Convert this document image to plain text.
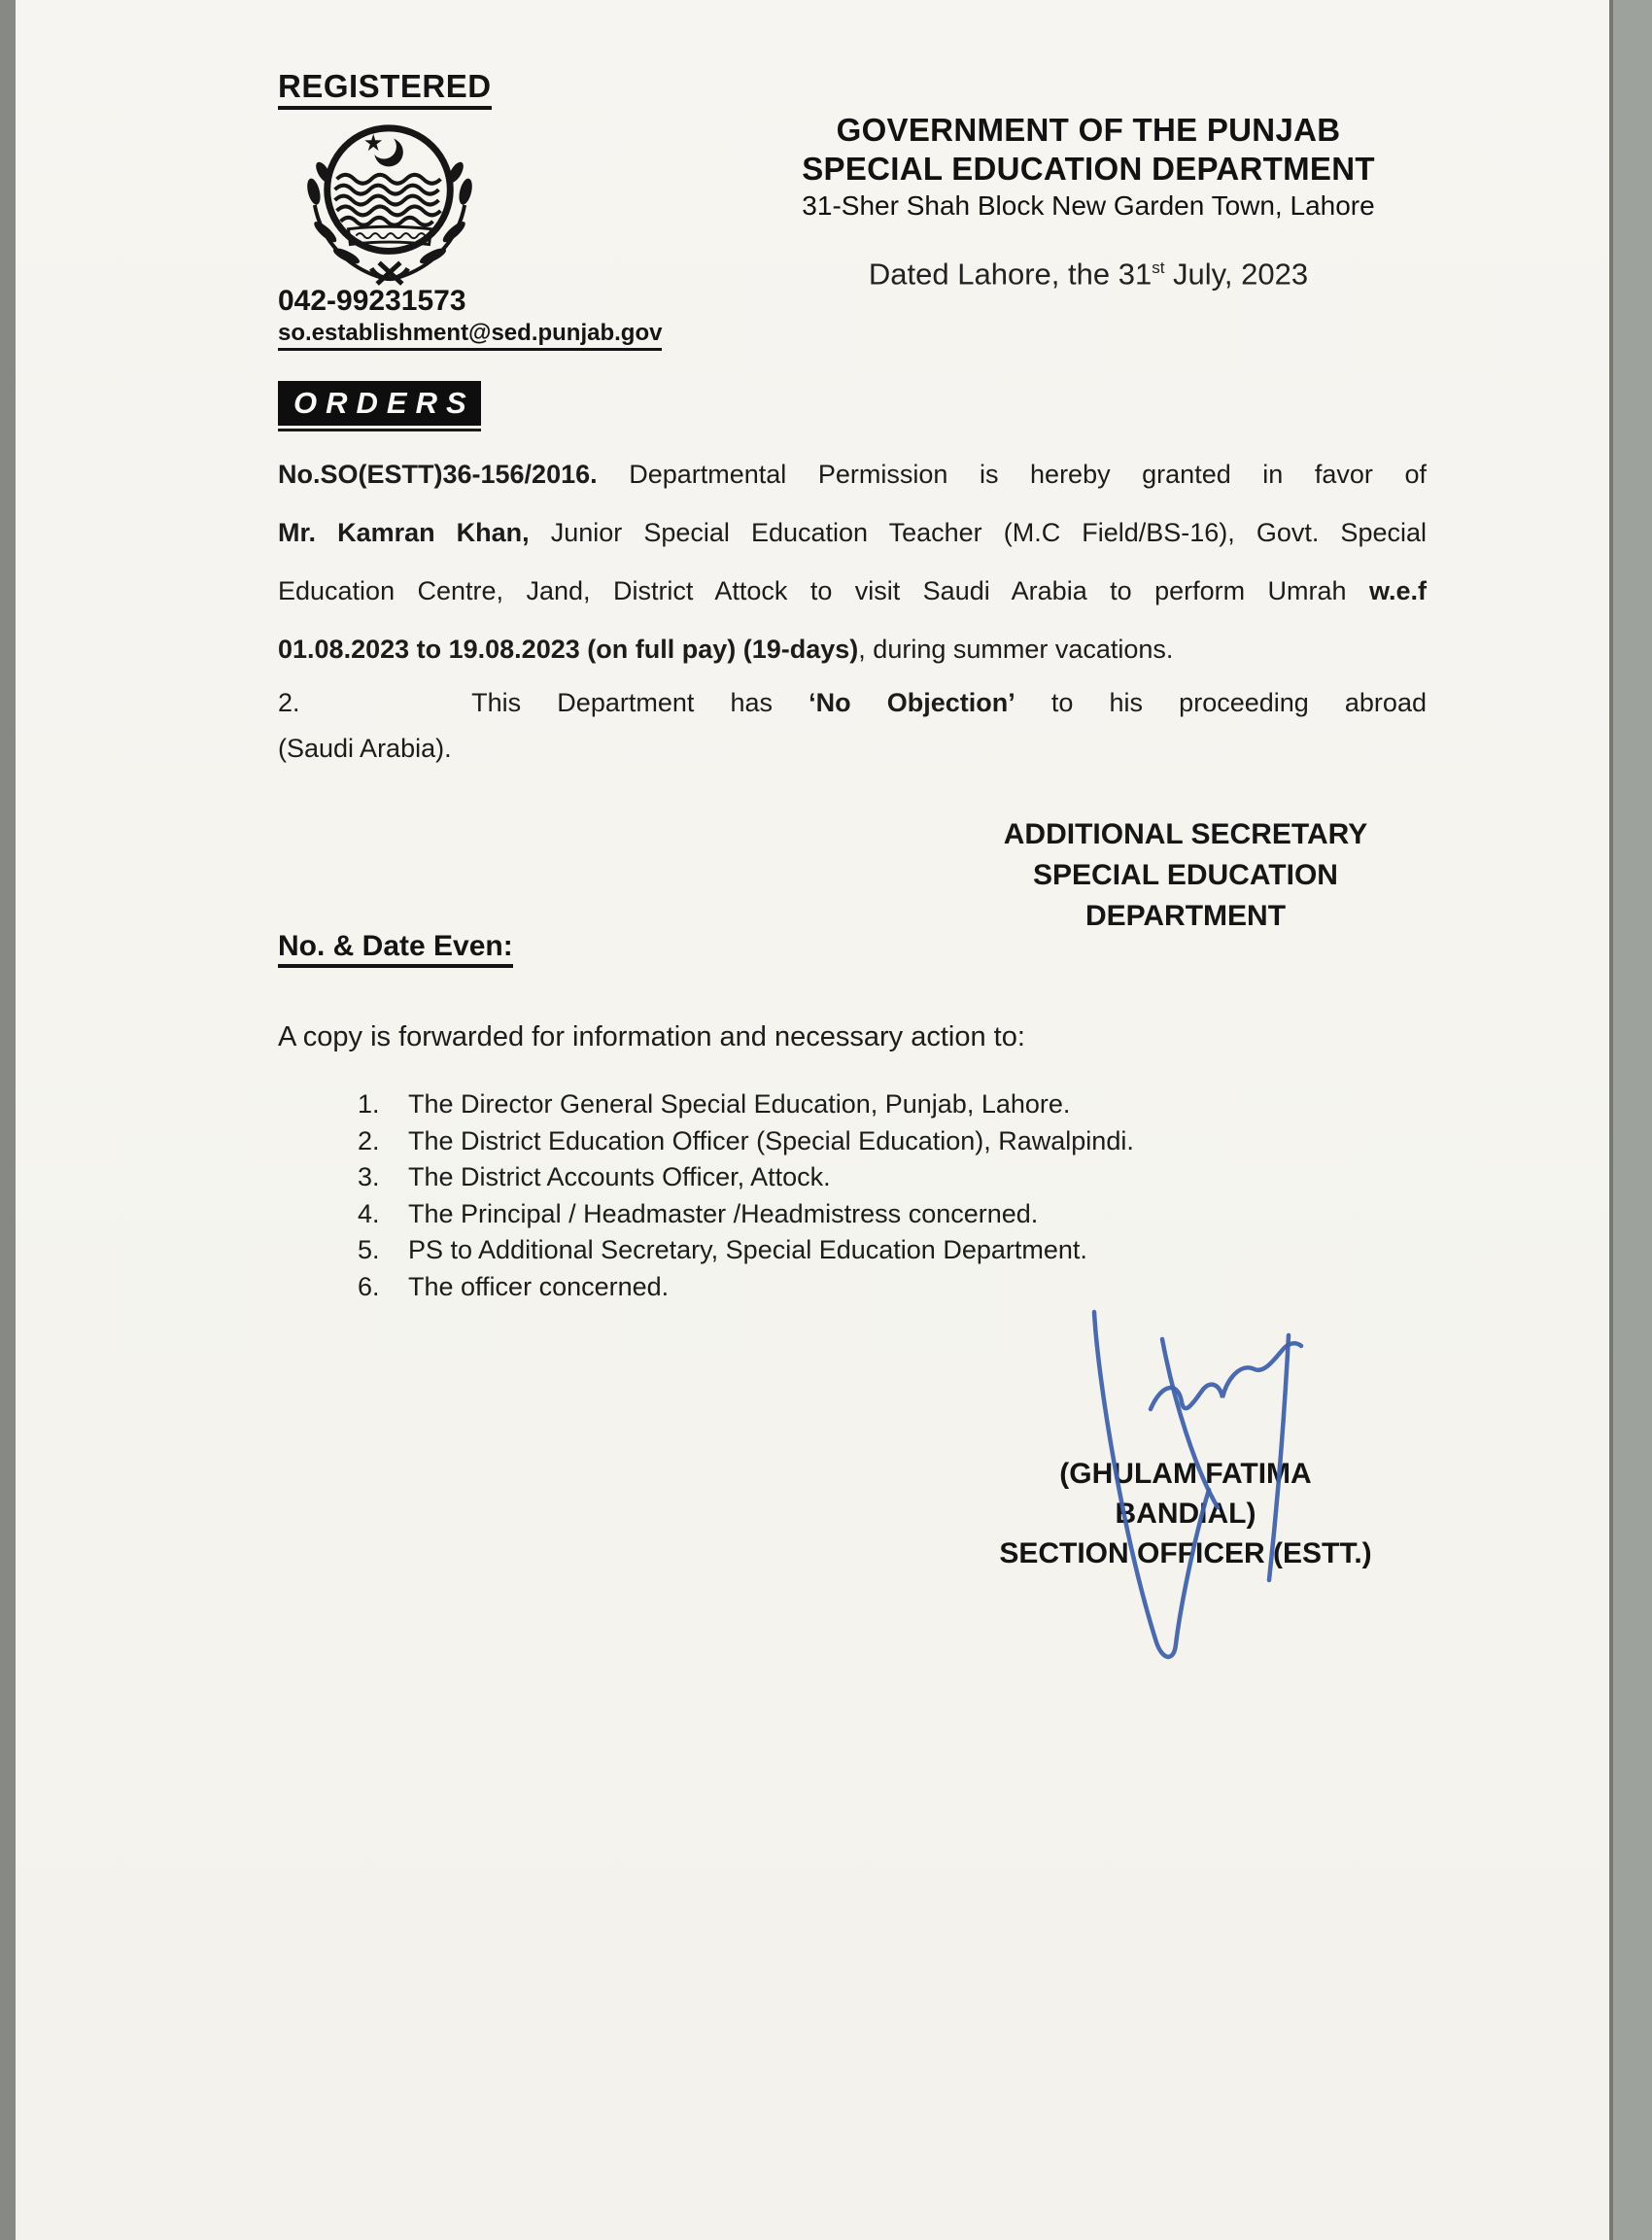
REGISTERED
042-99231573
so.establishment@sed.punjab.gov
GOVERNMENT OF THE PUNJAB
SPECIAL EDUCATION DEPARTMENT
31-Sher Shah Block New Garden Town, Lahore
Dated Lahore, the 31st July, 2023
ORDERS
No.SO(ESTT)36-156/2016. Departmental Permission is hereby granted in favor of
Mr. Kamran Khan, Junior Special Education Teacher (M.C Field/BS-16), Govt. Special
Education Centre, Jand, District Attock to visit Saudi Arabia to perform Umrah w.e.f
01.08.2023 to 19.08.2023 (on full pay) (19-days), during summer vacations.
2.	This Department has ‘No Objection’ to his proceeding abroad
(Saudi Arabia).
ADDITIONAL SECRETARY
SPECIAL EDUCATION
DEPARTMENT
No. & Date Even:
A copy is forwarded for information and necessary action to:
1.	The Director General Special Education, Punjab, Lahore.
2.	The District Education Officer (Special Education), Rawalpindi.
3.	The District Accounts Officer, Attock.
4.	The Principal / Headmaster /Headmistress concerned.
5.	PS to Additional Secretary, Special Education Department.
6.	The officer concerned.
(GHULAM FATIMA BANDIAL)
SECTION OFFICER (ESTT.)
